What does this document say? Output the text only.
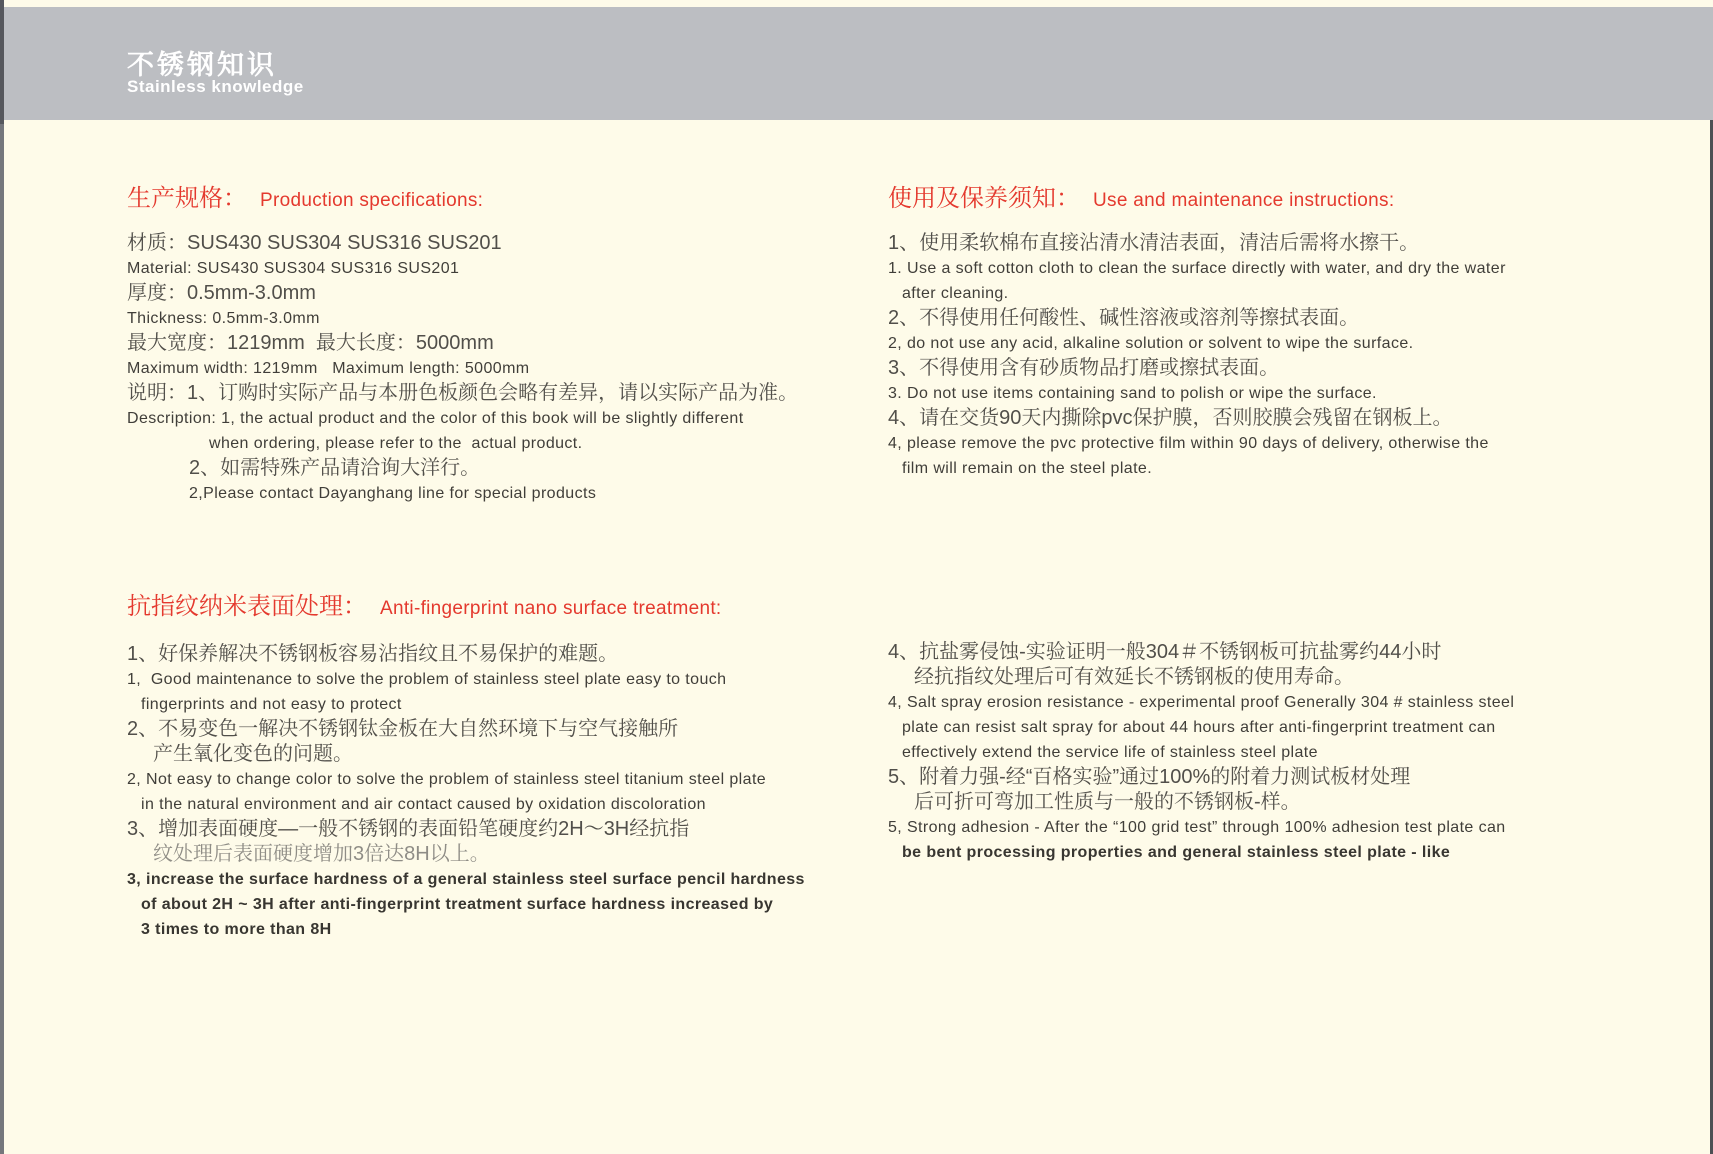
不锈钢知识
Stainless knowledge
生产规格： Production specifications:
材质：SUS430 SUS304 SUS316 SUS201
Material: SUS430 SUS304 SUS316 SUS201
厚度：0.5mm-3.0mm
Thickness: 0.5mm-3.0mm
最大宽度：1219mm  最大长度：5000mm
Maximum width: 1219mm   Maximum length: 5000mm
说明：1、订购时实际产品与本册色板颜色会略有差异，请以实际产品为准。
Description: 1, the actual product and the color of this book will be slightly different
when ordering, please refer to the  actual product.
2、如需特殊产品请洽询大洋行。
2,Please contact Dayanghang line for special products
使用及保养须知： Use and maintenance instructions:
1、使用柔软棉布直接沾清水清洁表面，清洁后需将水擦干。
1. Use a soft cotton cloth to clean the surface directly with water, and dry the water
after cleaning.
2、不得使用任何酸性、碱性溶液或溶剂等擦拭表面。
2, do not use any acid, alkaline solution or solvent to wipe the surface.
3、不得使用含有砂质物品打磨或擦拭表面。
3. Do not use items containing sand to polish or wipe the surface.
4、请在交货90天内撕除pvc保护膜，否则胶膜会残留在钢板上。
4, please remove the pvc protective film within 90 days of delivery, otherwise the
film will remain on the steel plate.
抗指纹纳米表面处理： Anti-fingerprint nano surface treatment:
1、好保养解决不锈钢板容易沾指纹且不易保护的难题。
1,  Good maintenance to solve the problem of stainless steel plate easy to touch
fingerprints and not easy to protect
2、不易变色一解决不锈钢钛金板在大自然环境下与空气接触所
产生氧化变色的问题。
2, Not easy to change color to solve the problem of stainless steel titanium steel plate
in the natural environment and air contact caused by oxidation discoloration
3、增加表面硬度—一般不锈钢的表面铅笔硬度约2H～3H经抗指
纹处理后表面硬度增加3倍达8H以上。
3, increase the surface hardness of a general stainless steel surface pencil hardness
of about 2H ~ 3H after anti-fingerprint treatment surface hardness increased by
3 times to more than 8H
4、抗盐雾侵蚀-实验证明一般304＃不锈钢板可抗盐雾约44小时
经抗指纹处理后可有效延长不锈钢板的使用寿命。
4, Salt spray erosion resistance - experimental proof Generally 304 # stainless steel
plate can resist salt spray for about 44 hours after anti-fingerprint treatment can
effectively extend the service life of stainless steel plate
5、附着力强-经“百格实验”通过100%的附着力测试板材处理
后可折可弯加工性质与一般的不锈钢板-样。
5, Strong adhesion - After the “100 grid test” through 100% adhesion test plate can
be bent processing properties and general stainless steel plate - like
